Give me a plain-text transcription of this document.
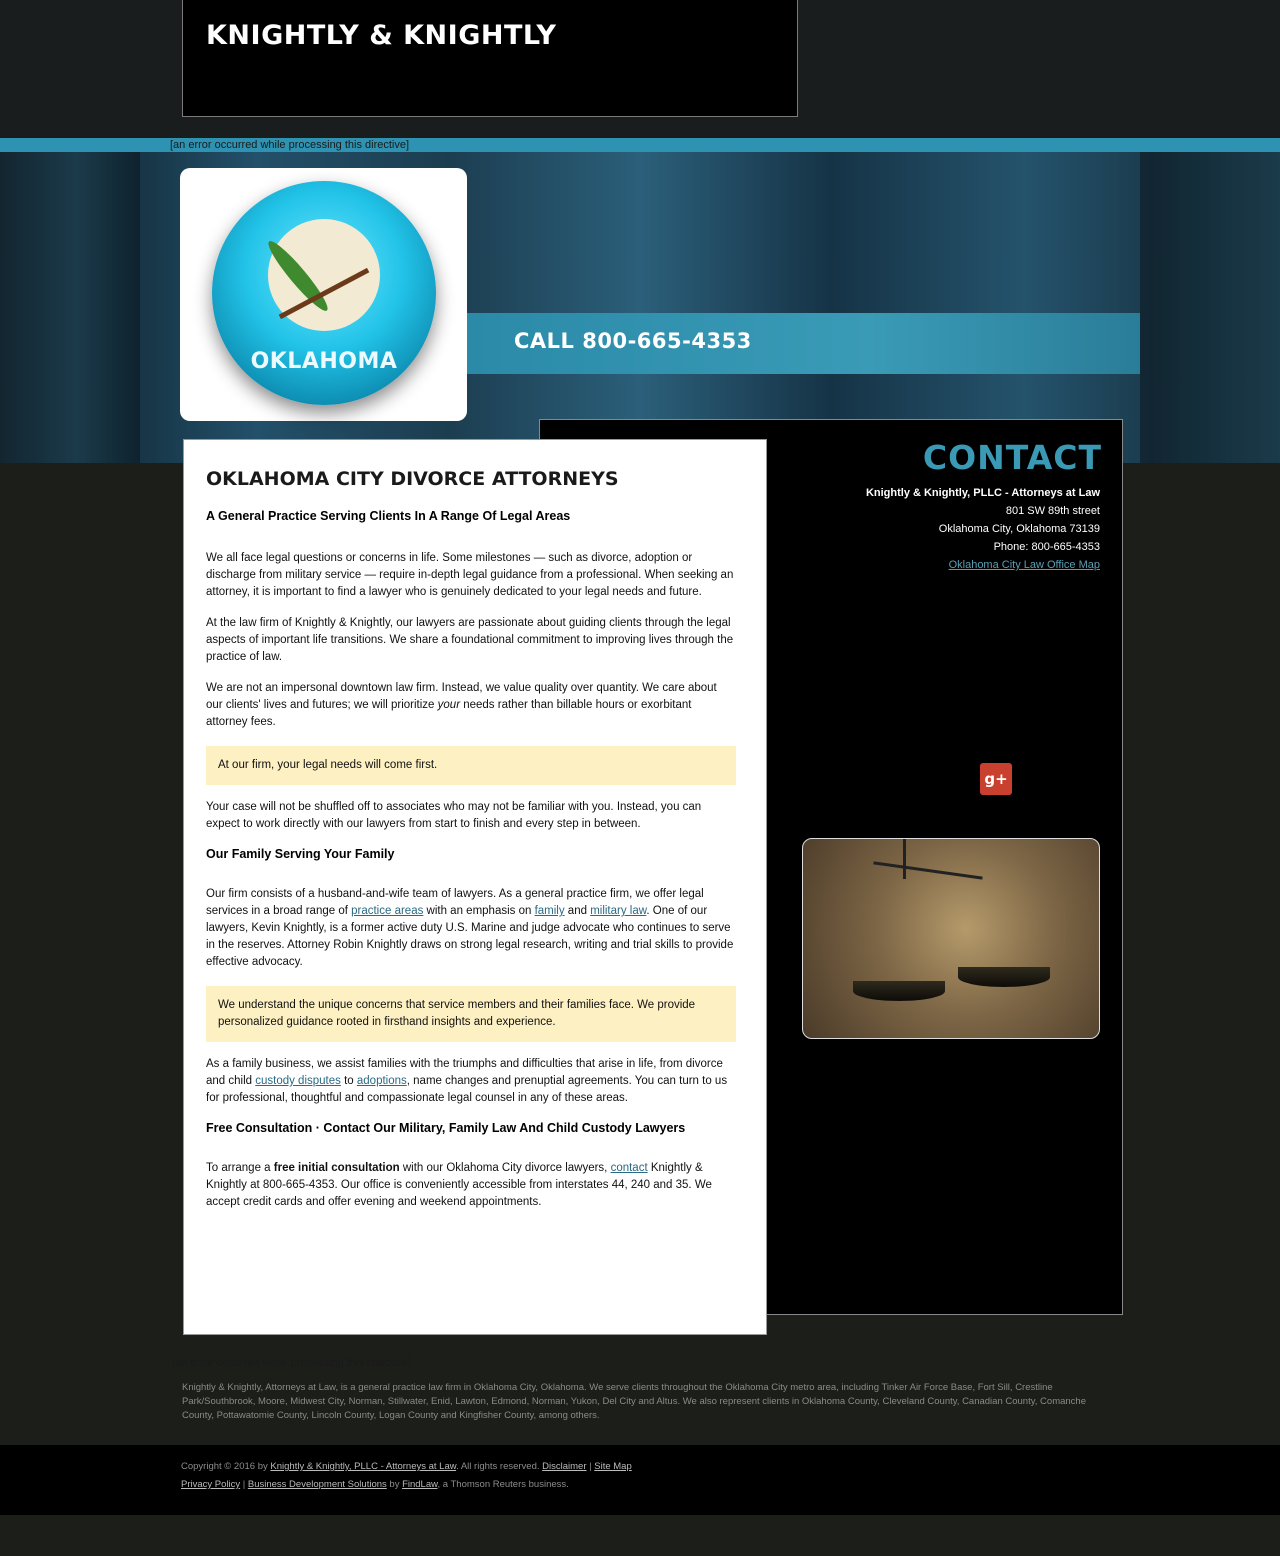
KNIGHTLY & KNIGHTLY
[an error occurred while processing this directive]
OKLAHOMA
CALL 800-665-4353
CONTACT
Knightly & Knightly, PLLC - Attorneys at Law
801 SW 89th street
Oklahoma City, Oklahoma 73139
Phone: 800-665-4353
Oklahoma City Law Office Map
g+
OKLAHOMA CITY DIVORCE ATTORNEYS
A General Practice Serving Clients In A Range Of Legal Areas

We all face legal questions or concerns in life. Some milestones — such as divorce, adoption or discharge from military service — require in-depth legal guidance from a professional. When seeking an attorney, it is important to find a lawyer who is genuinely dedicated to your legal needs and future.

At the law firm of Knightly & Knightly, our lawyers are passionate about guiding clients through the legal aspects of important life transitions. We share a foundational commitment to improving lives through the practice of law.

We are not an impersonal downtown law firm. Instead, we value quality over quantity. We care about our clients' lives and futures; we will prioritize your needs rather than billable hours or exorbitant attorney fees.

At our firm, your legal needs will come first.

Your case will not be shuffled off to associates who may not be familiar with you. Instead, you can expect to work directly with our lawyers from start to finish and every step in between.

Our Family Serving Your Family

Our firm consists of a husband-and-wife team of lawyers. As a general practice firm, we offer legal services in a broad range of practice areas with an emphasis on family and military law. One of our lawyers, Kevin Knightly, is a former active duty U.S. Marine and judge advocate who continues to serve in the reserves. Attorney Robin Knightly draws on strong legal research, writing and trial skills to provide effective advocacy.

We understand the unique concerns that service members and their families face. We provide personalized guidance rooted in firsthand insights and experience.

As a family business, we assist families with the triumphs and difficulties that arise in life, from divorce and child custody disputes to adoptions, name changes and prenuptial agreements. You can turn to us for professional, thoughtful and compassionate legal counsel in any of these areas.

Free Consultation · Contact Our Military, Family Law And Child Custody Lawyers

To arrange a free initial consultation with our Oklahoma City divorce lawyers, contact Knightly & Knightly at 800-665-4353. Our office is conveniently accessible from interstates 44, 240 and 35. We accept credit cards and offer evening and weekend appointments.

[an error occurred while processing this directive]
Knightly & Knightly, Attorneys at Law, is a general practice law firm in Oklahoma City, Oklahoma. We serve clients throughout the Oklahoma City metro area, including Tinker Air Force Base, Fort Sill, Crestline Park/Southbrook, Moore, Midwest City, Norman, Stillwater, Enid, Lawton, Edmond, Norman, Yukon, Del City and Altus. We also represent clients in Oklahoma County, Cleveland County, Canadian County, Comanche County, Pottawatomie County, Lincoln County, Logan County and Kingfisher County, among others.
Copyright © 2016 by Knightly & Knightly, PLLC - Attorneys at Law. All rights reserved. Disclaimer | Site Map
Privacy Policy | Business Development Solutions by FindLaw, a Thomson Reuters business.
